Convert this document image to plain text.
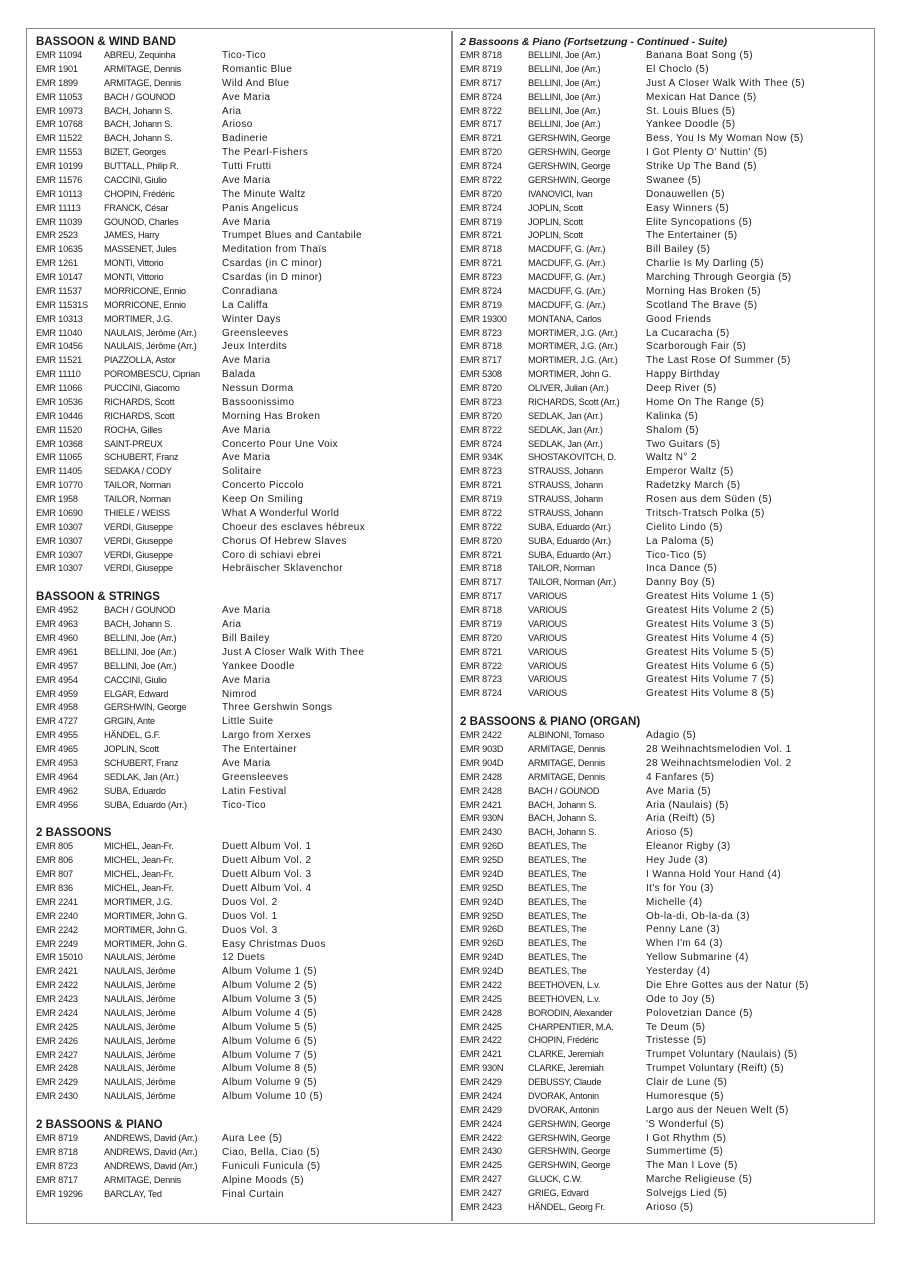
BASSOON & WIND BAND
EMR 11094	ABREU, Zequinha	Tico-Tico
EMR 1901	ARMITAGE, Dennis	Romantic Blue
EMR 1899	ARMITAGE, Dennis	Wild And Blue
EMR 11053	BACH / GOUNOD	Ave Maria
EMR 10973	BACH, Johann S.	Aria
EMR 10768	BACH, Johann S.	Arioso
EMR 11522	BACH, Johann S.	Badinerie
EMR 11553	BIZET, Georges	The Pearl-Fishers
EMR 10199	BUTTALL, Philip R.	Tutti Frutti
EMR 11576	CACCINI, Giulio	Ave Maria
EMR 10113	CHOPIN, Frédéric	The Minute Waltz
EMR 11113	FRANCK, César	Panis Angelicus
EMR 11039	GOUNOD, Charles	Ave Maria
EMR 2523	JAMES, Harry	Trumpet Blues and Cantabile
EMR 10635	MASSENET, Jules	Meditation from Thaïs
EMR 1261	MONTI, Vittorio	Csardas (in C minor)
EMR 10147	MONTI, Vittorio	Csardas (in D minor)
EMR 11537	MORRICONE, Ennio	Conradiana
EMR 11531S	MORRICONE, Ennio	La Califfa
EMR 10313	MORTIMER, J.G.	Winter Days
EMR 11040	NAULAIS, Jérôme (Arr.)	Greensleeves
EMR 10456	NAULAIS, Jérôme (Arr.)	Jeux Interdits
EMR 11521	PIAZZOLLA, Astor	Ave Maria
EMR 11110	POROMBESCU, Ciprian	Balada
EMR 11066	PUCCINI, Giacomo	Nessun Dorma
EMR 10536	RICHARDS, Scott	Bassoonissimo
EMR 10446	RICHARDS, Scott	Morning Has Broken
EMR 11520	ROCHA, Gilles	Ave Maria
EMR 10368	SAINT-PREUX	Concerto Pour Une Voix
EMR 11065	SCHUBERT, Franz	Ave Maria
EMR 11405	SEDAKA / CODY	Solitaire
EMR 10770	TAILOR, Norman	Concerto Piccolo
EMR 1958	TAILOR, Norman	Keep On Smiling
EMR 10690	THIELE / WEISS	What A Wonderful World
EMR 10307	VERDI, Giuseppe	Choeur des esclaves hébreux
EMR 10307	VERDI, Giuseppe	Chorus Of Hebrew Slaves
EMR 10307	VERDI, Giuseppe	Coro di schiavi ebrei
EMR 10307	VERDI, Giuseppe	Hebräischer Sklavenchor
BASSOON & STRINGS
EMR 4952	BACH / GOUNOD	Ave Maria
EMR 4963	BACH, Johann S.	Aria
EMR 4960	BELLINI, Joe (Arr.)	Bill Bailey
EMR 4961	BELLINI, Joe (Arr.)	Just A Closer Walk With Thee
EMR 4957	BELLINI, Joe (Arr.)	Yankee Doodle
EMR 4954	CACCINI, Giulio	Ave Maria
EMR 4959	ELGAR, Edward	Nimrod
EMR 4958	GERSHWIN, George	Three Gershwin Songs
EMR 4727	GRGIN, Ante	Little Suite
EMR 4955	HÄNDEL, G.F.	Largo from Xerxes
EMR 4965	JOPLIN, Scott	The Entertainer
EMR 4953	SCHUBERT, Franz	Ave Maria
EMR 4964	SEDLAK, Jan (Arr.)	Greensleeves
EMR 4962	SUBA, Eduardo	Latin Festival
EMR 4956	SUBA, Eduardo (Arr.)	Tico-Tico
2 BASSOONS
EMR 805	MICHEL, Jean-Fr.	Duett Album Vol. 1
EMR 806	MICHEL, Jean-Fr.	Duett Album Vol. 2
EMR 807	MICHEL, Jean-Fr.	Duett Album Vol. 3
EMR 836	MICHEL, Jean-Fr.	Duett Album Vol. 4
EMR 2241	MORTIMER, J.G.	Duos Vol. 2
EMR 2240	MORTIMER, John G.	Duos Vol. 1
EMR 2242	MORTIMER, John G.	Duos Vol. 3
EMR 2249	MORTIMER, John G.	Easy Christmas Duos
EMR 15010	NAULAIS, Jérôme	12 Duets
EMR 2421	NAULAIS, Jérôme	Album Volume 1 (5)
EMR 2422	NAULAIS, Jérôme	Album Volume 2 (5)
EMR 2423	NAULAIS, Jérôme	Album Volume 3 (5)
EMR 2424	NAULAIS, Jérôme	Album Volume 4 (5)
EMR 2425	NAULAIS, Jérôme	Album Volume 5 (5)
EMR 2426	NAULAIS, Jérôme	Album Volume 6 (5)
EMR 2427	NAULAIS, Jérôme	Album Volume 7 (5)
EMR 2428	NAULAIS, Jérôme	Album Volume 8 (5)
EMR 2429	NAULAIS, Jérôme	Album Volume 9 (5)
EMR 2430	NAULAIS, Jérôme	Album Volume 10 (5)
2 BASSOONS & PIANO
EMR 8719	ANDREWS, David (Arr.)	Aura Lee (5)
EMR 8718	ANDREWS, David (Arr.)	Ciao, Bella, Ciao (5)
EMR 8723	ANDREWS, David (Arr.)	Funiculi Funicula (5)
EMR 8717	ARMITAGE, Dennis	Alpine Moods (5)
EMR 19296	BARCLAY, Ted	Final Curtain
2 Bassoons & Piano (Fortsetzung - Continued - Suite)
EMR 8718	BELLINI, Joe (Arr.)	Banana Boat Song (5)
EMR 8719	BELLINI, Joe (Arr.)	El Choclo (5)
EMR 8717	BELLINI, Joe (Arr.)	Just A Closer Walk With Thee (5)
EMR 8724	BELLINI, Joe (Arr.)	Mexican Hat Dance (5)
EMR 8722	BELLINI, Joe (Arr.)	St. Louis Blues (5)
EMR 8717	BELLINI, Joe (Arr.)	Yankee Doodle (5)
EMR 8721	GERSHWIN, George	Bess, You Is My Woman Now (5)
EMR 8720	GERSHWIN, George	I Got Plenty O' Nuttin' (5)
EMR 8724	GERSHWIN, George	Strike Up The Band (5)
EMR 8722	GERSHWIN, George	Swanee (5)
EMR 8720	IVANOVICI, Ivan	Donauwellen (5)
EMR 8724	JOPLIN, Scott	Easy Winners (5)
EMR 8719	JOPLIN, Scott	Elite Syncopations (5)
EMR 8721	JOPLIN, Scott	The Entertainer (5)
EMR 8718	MACDUFF, G. (Arr.)	Bill Bailey (5)
EMR 8721	MACDUFF, G. (Arr.)	Charlie Is My Darling (5)
EMR 8723	MACDUFF, G. (Arr.)	Marching Through Georgia (5)
EMR 8724	MACDUFF, G. (Arr.)	Morning Has Broken (5)
EMR 8719	MACDUFF, G. (Arr.)	Scotland The Brave (5)
EMR 19300	MONTANA, Carlos	Good Friends
EMR 8723	MORTIMER, J.G. (Arr.)	La Cucaracha (5)
EMR 8718	MORTIMER, J.G. (Arr.)	Scarborough Fair (5)
EMR 8717	MORTIMER, J.G. (Arr.)	The Last Rose Of Summer (5)
EMR 5308	MORTIMER, John G.	Happy Birthday
EMR 8720	OLIVER, Julian (Arr.)	Deep River (5)
EMR 8723	RICHARDS, Scott (Arr.)	Home On The Range (5)
EMR 8720	SEDLAK, Jan (Arr.)	Kalinka (5)
EMR 8722	SEDLAK, Jan (Arr.)	Shalom (5)
EMR 8724	SEDLAK, Jan (Arr.)	Two Guitars (5)
EMR 934K	SHOSTAKOVITCH, D.	Waltz N° 2
EMR 8723	STRAUSS, Johann	Emperor Waltz (5)
EMR 8721	STRAUSS, Johann	Radetzky March (5)
EMR 8719	STRAUSS, Johann	Rosen aus dem Süden (5)
EMR 8722	STRAUSS, Johann	Tritsch-Tratsch Polka (5)
EMR 8722	SUBA, Eduardo (Arr.)	Cielito Lindo (5)
EMR 8720	SUBA, Eduardo (Arr.)	La Paloma (5)
EMR 8721	SUBA, Eduardo (Arr.)	Tico-Tico (5)
EMR 8718	TAILOR, Norman	Inca Dance (5)
EMR 8717	TAILOR, Norman (Arr.)	Danny Boy (5)
EMR 8717	VARIOUS	Greatest Hits Volume 1 (5)
EMR 8718	VARIOUS	Greatest Hits Volume 2 (5)
EMR 8719	VARIOUS	Greatest Hits Volume 3 (5)
EMR 8720	VARIOUS	Greatest Hits Volume 4 (5)
EMR 8721	VARIOUS	Greatest Hits Volume 5 (5)
EMR 8722	VARIOUS	Greatest Hits Volume 6 (5)
EMR 8723	VARIOUS	Greatest Hits Volume 7 (5)
EMR 8724	VARIOUS	Greatest Hits Volume 8 (5)
2 BASSOONS & PIANO (ORGAN)
EMR 2422	ALBINONI, Tomaso	Adagio (5)
EMR 903D	ARMITAGE, Dennis	28 Weihnachtsmelodien Vol. 1
EMR 904D	ARMITAGE, Dennis	28 Weihnachtsmelodien Vol. 2
EMR 2428	ARMITAGE, Dennis	4 Fanfares (5)
EMR 2428	BACH / GOUNOD	Ave Maria (5)
EMR 2421	BACH, Johann S.	Aria (Naulais) (5)
EMR 930N	BACH, Johann S.	Aria (Reift) (5)
EMR 2430	BACH, Johann S.	Arioso (5)
EMR 926D	BEATLES, The	Eleanor Rigby (3)
EMR 925D	BEATLES, The	Hey Jude (3)
EMR 924D	BEATLES, The	I Wanna Hold Your Hand (4)
EMR 925D	BEATLES, The	It's for You (3)
EMR 924D	BEATLES, The	Michelle (4)
EMR 925D	BEATLES, The	Ob-la-di, Ob-la-da (3)
EMR 926D	BEATLES, The	Penny Lane (3)
EMR 926D	BEATLES, The	When I'm 64 (3)
EMR 924D	BEATLES, The	Yellow Submarine (4)
EMR 924D	BEATLES, The	Yesterday (4)
EMR 2422	BEETHOVEN, L.v.	Die Ehre Gottes aus der Natur (5)
EMR 2425	BEETHOVEN, L.v.	Ode to Joy (5)
EMR 2428	BORODIN, Alexander	Polovetzian Dance (5)
EMR 2425	CHARPENTIER, M.A.	Te Deum (5)
EMR 2422	CHOPIN, Frédéric	Tristesse (5)
EMR 2421	CLARKE, Jeremiah	Trumpet Voluntary (Naulais) (5)
EMR 930N	CLARKE, Jeremiah	Trumpet Voluntary (Reift) (5)
EMR 2429	DEBUSSY, Claude	Clair de Lune (5)
EMR 2424	DVORAK, Antonin	Humoresque (5)
EMR 2429	DVORAK, Antonin	Largo aus der Neuen Welt (5)
EMR 2424	GERSHWIN, George	'S Wonderful (5)
EMR 2422	GERSHWIN, George	I Got Rhythm (5)
EMR 2430	GERSHWIN, George	Summertime (5)
EMR 2425	GERSHWIN, George	The Man I Love (5)
EMR 2427	GLUCK, C.W.	Marche Religieuse (5)
EMR 2427	GRIEG, Edvard	Solvejgs Lied (5)
EMR 2423	HÄNDEL, Georg Fr.	Arioso (5)
